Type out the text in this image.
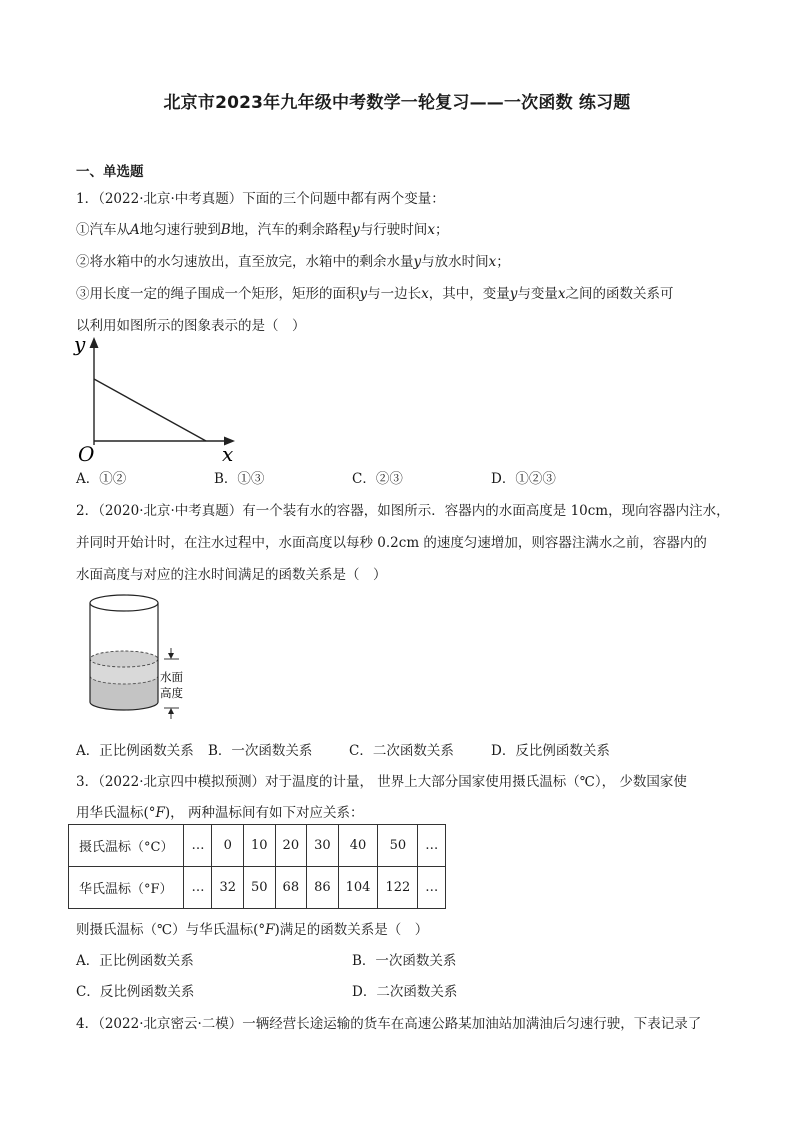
北京市2023年九年级中考数学一轮复习——一次函数 练习题
一、单选题
1．（2022·北京·中考真题）下面的三个问题中都有两个变量：
①汽车从A地匀速行驶到B地，汽车的剩余路程y与行驶时间x；
②将水箱中的水匀速放出，直至放完，水箱中的剩余水量y与放水时间x；
③用长度一定的绳子围成一个矩形，矩形的面积y与一边长x，其中，变量y与变量x之间的函数关系可
以利用如图所示的图象表示的是（　）
y
x
O
A．①②	B．①③	C．②③	D．①②③
2．（2020·北京·中考真题）有一个装有水的容器，如图所示．容器内的水面高度是 10cm，现向容器内注水，
并同时开始计时，在注水过程中，水面高度以每秒 0.2cm 的速度匀速增加，则容器注满水之前，容器内的
水面高度与对应的注水时间满足的函数关系是（　）
水面
高度
A．正比例函数关系 B．一次函数关系	C．二次函数关系	D．反比例函数关系
3．（2022·北京四中模拟预测）对于温度的计量， 世界上大部分国家使用摄氏温标（℃）， 少数国家使
用华氏温标(°F)， 两种温标间有如下对应关系：
摄氏温标（°C）	…	0	10	20	30	40	50	…
华氏温标（°F）	…	32	50	68	86	104	122	…
则摄氏温标（℃）与华氏温标(°F)满足的函数关系是（　）
A．正比例函数关系	B．一次函数关系
C．反比例函数关系	D．二次函数关系
4．（2022·北京密云·二模）一辆经营长途运输的货车在高速公路某加油站加满油后匀速行驶，下表记录了
